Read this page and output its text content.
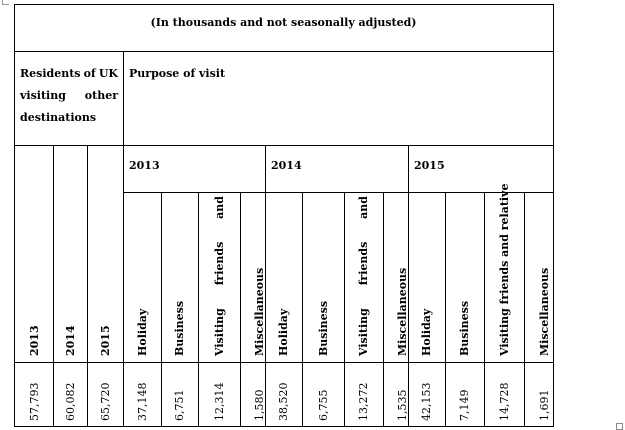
(In thousands and not seasonally adjusted)
Residents of UK
visiting other
destinations
Purpose of visit
2013	2014	2015
2013 2014 2015 Holiday Business Visiting
friends
and
Miscellaneous Holiday Business Visiting
friends
and
Miscellaneous Holiday Business Visiting friends and relative Miscellaneous
57,793 60,082 65,720 37,148 6,751 12,314 1,580 38,520 6,755 13,272 1,535 42,153 7,149 14,728 1,691
